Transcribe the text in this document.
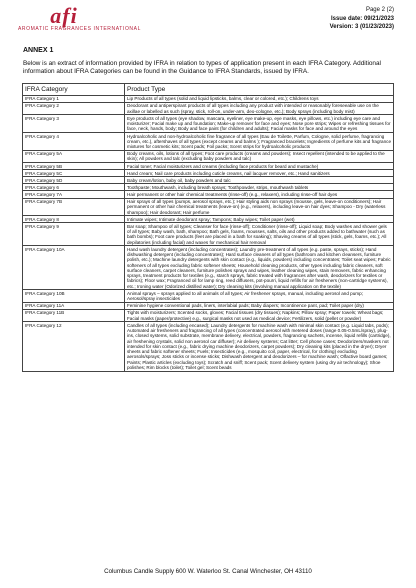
afi
AROMATIC FRAGRANCES INTERNATIONAL
Page 2 (2)
Issue date: 09/21/2023
Version: 3 (01/23/2023)
ANNEX 1
Below is an extract of information provided by IFRA in relation to types of application present in each IFRA Category. Additional information about IFRA Categories can be found in the Guidance to IFRA Standards, issued by IFRA.
IFRA Category	Product Type
IFRA Category 1	Lip Products of all types (solid and liquid lipsticks, balms, clear or colored, etc.); Childrens toys
IFRA Category 2	Deodorant and antiperspirant products of all types including any product with intended or reasonably foreseeable use on the axillae or labelled as such (spray, stick, roll-on, under-arm, deo-cologne, etc.); Body sprays (including body mist)
IFRA Category 3	Eye products of all types (eye shadow, mascara, eyeliner, eye make-up, eye masks, eye pillows, etc.) including eye care and moisturizer; Facial make up and foundation; Make-up remover for face and eyes; Nose pore strips; Wipes or refreshing tissues for face, neck, hands, body; Body and face paint (for children and adults); Facial masks for face and around the eyes
IFRA Category 4	Hydroalcoholic and non-hydroalcoholic fine fragrance of all types (Eau de Toilette, Parfum, Cologne, solid perfume, fragrancing cream, etc.), aftershaves of all types (except creams and balms ); Fragranced bracelets; Ingredients of perfume kits and fragrance mixtures for cosmetic kits; Scent pads; Foil packs; Scent strips for hydroalcoholic products
IFRA Category 5A	Body creams, oils, lotions of all types; Foot care products (creams and powders); Insect repellent (intended to be applied to the skin); All powders and talc (excluding baby powders and talc)
IFRA Category 5B	Facial toner; Facial moisturizers and creams (including face products for beard and mustache)
IFRA Category 5C	Hand cream; Nail care products including cuticle creams, nail lacquer remover, etc.; Hand sanitizers
IFRA Category 5D	Baby cream/lotion, baby oil, baby powders and talc
IFRA Category 6	Toothpaste; Mouthwash, including breath sprays; Toothpowder, strips, mouthwash tablets
IFRA Category 7A	Hair permanent or other hair chemical treatments (rinse-off) (e.g., relaxers), including rinse-off hair dyes
IFRA Category 7B	Hair sprays of all types (pumps, aerosol sprays, etc.); Hair styling aids non sprays (mousse, gels, leave-on conditioners); Hair permanent or other hair chemical treatments (leave-on) (e.g., relaxers), including leave-on hair dyes; Shampoo - Dry (waterless shampoo); Hair deodorant; Hair perfume
IFRA Category 8	Intimate wipes; Intimate deodorant spray; Tampons; Baby wipes; Toilet paper (wet)
IFRA Category 9	Bar soap; Shampoo of all types; Cleanser for face (rinse-off); Conditioner (rinse-off); Liquid soap; Body washes and shower gels of all types; Baby wash, bath, shampoo; Bath gels, foams, mousses, salts, oils and other products added to bathwater (such as bath bombs); Foot care products (feet are placed in a bath for soaking); Shaving creams of all types (stick, gels, foams, etc.); All depilatories (including facial) and waxes for mechanical hair removal
IFRA Category 10A	Hand wash laundry detergent (including concentrates); Laundry pre-treatment of all types (e.g. paste, sprays, sticks); Hand dishwashing detergent (including concentrates); Hard surface cleaners of all types (bathroom and kitchen cleansers, furniture polish, etc.); Machine laundry detergents with skin contact (e.g., liquids, powders) including concentrates; Toilet seat wipes; Fabric softeners of all types excluding fabric softener sheets; Household cleaning products, other types including fabric cleaners, soft surface cleaners, carpet cleaners, furniture polishes sprays and wipes, leather cleaning wipes, stain removers, fabric enhancing sprays, treatment products for textiles (e.g., starch sprays, fabric treated with fragrances after wash, deodorizers for textiles or fabrics); Floor wax; Fragranced oil for lamp ring, reed diffusers, pot-pourri, liquid refills for air fresheners (non-cartridge systems), etc.; Ironing water (Odorized distilled water); Dry cleaning kits (involving manual application on the textile)
IFRA Category 10B	Animal sprays – sprays applied to all animals of all types; Air freshener sprays, manual, including aerosol and pump; Aerosol/spray insecticides
IFRA Category 11A	Feminine hygiene conventional pads, liners, interlabial pads; Baby diapers; Incontinence pant, pad; Toilet paper (dry)
IFRA Category 11B	Tights with moisturizers; Scented socks, gloves; Facial tissues (dry tissues); Napkins; Pillow spray; Paper towels; Wheat bags; Facial masks (paper/protective) e.g., surgical masks not used as medical device; Fertilizers, solid (pellet or powder)
IFRA Category 12	Candles of all types (including encased); Laundry detergents for machine wash with minimal skin contact (e.g. Liquid tabs, pods); Automated air fresheners and fragrancing of all types (concentrated aerosol with metered doses (range 0.05-0.5mL/spray), plug-ins, closed systems, solid substrate, membrane delivery, electrical, powders, fragrancing sachets, incense, liquid refills (cartridge), air freshening crystals, solid non aerosol car diffuser); Air delivery systems; Cat litter; Cell phone cases; Deodorizers/maskers not intended for skin contact (e.g., fabric drying machine deodorizers, carpet powders); Dry cleaning kits (placed in the dryer); Dryer sheets and fabric softener sheets; Fuels; Insecticides (e.g., mosquito coil, paper, electrical, for clothing) excluding aerosols/sprays; Joss sticks or incense sticks; Dishwash detergent and deodorizers – for machine wash; Olfactive board games; Paints; Plastic articles (excluding toys); Scratch and sniff; Scent pack; Scent delivery system (using dry air technology); Shoe polishes; Rim blocks (toilet); Toilet gel; Scent beads
Columbus Candle Supply 600 W. Waterloo St. Canal Winchester, OH 43110
